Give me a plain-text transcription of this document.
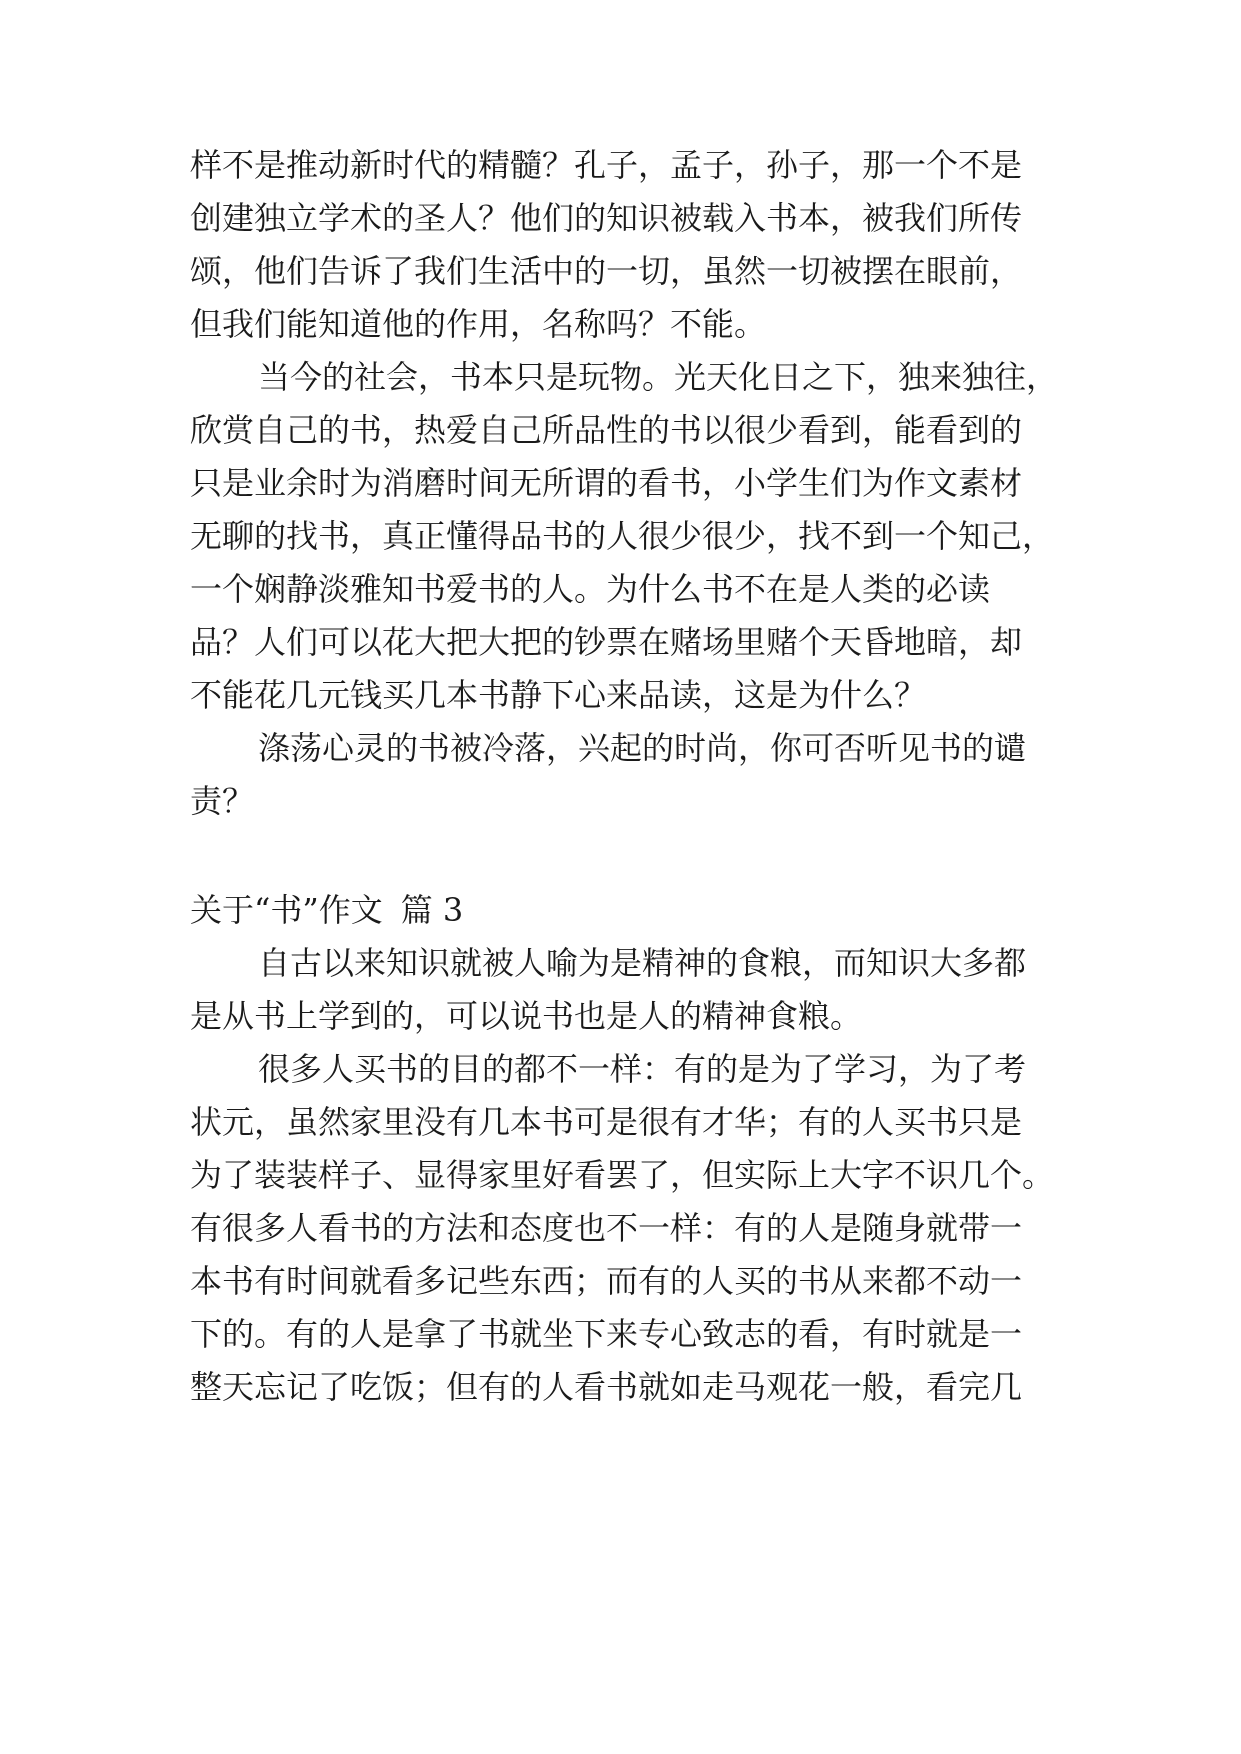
样不是推动新时代的精髓？孔子，孟子，孙子，那一个不是
创建独立学术的圣人？他们的知识被载入书本，被我们所传
颂，他们告诉了我们生活中的一切，虽然一切被摆在眼前，
但我们能知道他的作用，名称吗？不能。
当今的社会，书本只是玩物。光天化日之下，独来独往，
欣赏自己的书，热爱自己所品性的书以很少看到，能看到的
只是业余时为消磨时间无所谓的看书，小学生们为作文素材
无聊的找书，真正懂得品书的人很少很少，找不到一个知己，
一个娴静淡雅知书爱书的人。为什么书不在是人类的必读
品？人们可以花大把大把的钞票在赌场里赌个天昏地暗，却
不能花几元钱买几本书静下心来品读，这是为什么？
涤荡心灵的书被冷落，兴起的时尚，你可否听见书的谴
责？
关于“书”作文 篇 3
自古以来知识就被人喻为是精神的食粮，而知识大多都
是从书上学到的，可以说书也是人的精神食粮。
很多人买书的目的都不一样：有的是为了学习，为了考
状元，虽然家里没有几本书可是很有才华；有的人买书只是
为了装装样子、显得家里好看罢了，但实际上大字不识几个。
有很多人看书的方法和态度也不一样：有的人是随身就带一
本书有时间就看多记些东西；而有的人买的书从来都不动一
下的。有的人是拿了书就坐下来专心致志的看，有时就是一
整天忘记了吃饭；但有的人看书就如走马观花一般，看完几
